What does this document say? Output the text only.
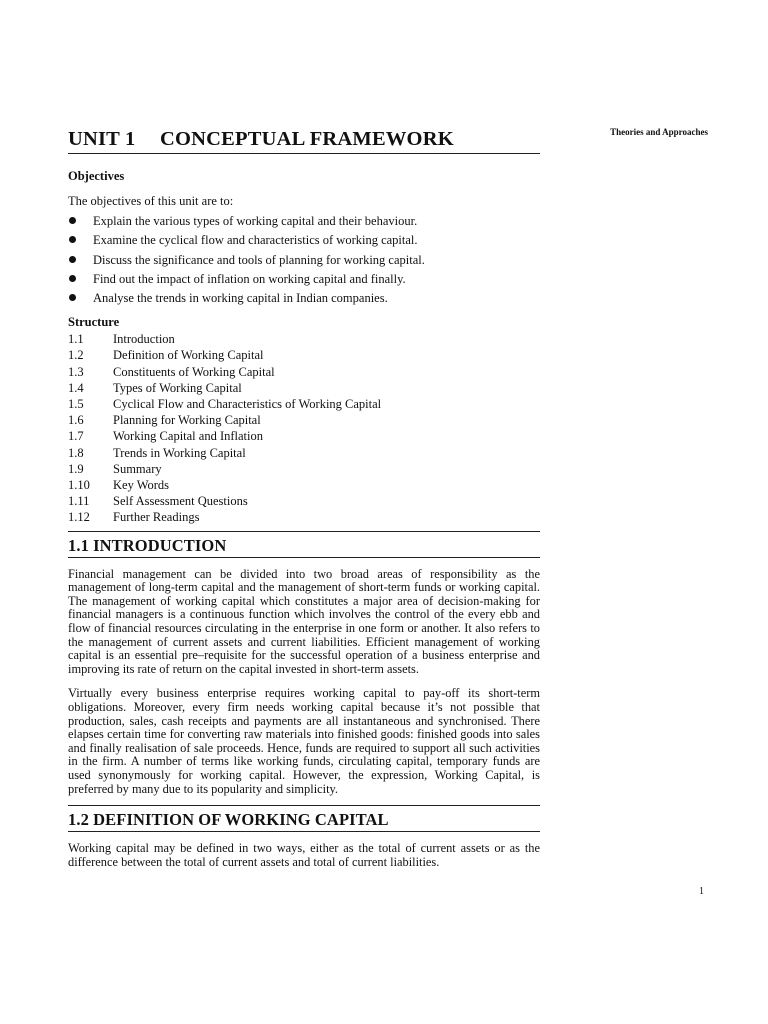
Theories and Approaches
UNIT 1 CONCEPTUAL FRAMEWORK
Objectives

The objectives of this unit are to:

Explain the various types of working capital and their behaviour.
Examine the cyclical flow and characteristics of working capital.
Discuss the significance and tools of planning for working capital.
Find out the impact of inflation on working capital and finally.
Analyse the trends in working capital in Indian companies.
Structure
1.1 Introduction
1.2 Definition of Working Capital
1.3 Constituents of Working Capital
1.4 Types of Working Capital
1.5 Cyclical Flow and Characteristics of Working Capital
1.6 Planning for Working Capital
1.7 Working Capital and Inflation
1.8 Trends in Working Capital
1.9 Summary
1.10 Key Words
1.11 Self Assessment Questions
1.12 Further Readings
1.1 INTRODUCTION

Financial management can be divided into two broad areas of responsibility as the management of long-term capital and the management of short-term funds or working capital. The management of working capital which constitutes a major area of decision-making for financial managers is a continuous function which involves the control of the every ebb and flow of financial resources circulating in the enterprise in one form or another. It also refers to the management of current assets and current liabilities. Efficient management of working capital is an essential pre–requisite for the successful operation of a business enterprise and improving its rate of return on the capital invested in short-term assets.

Virtually every business enterprise requires working capital to pay-off its short-term obligations. Moreover, every firm needs working capital because it’s not possible that production, sales, cash receipts and payments are all instantaneous and synchronised. There elapses certain time for converting raw materials into finished goods: finished goods into sales and finally realisation of sale proceeds. Hence, funds are required to support all such activities in the firm. A number of terms like working funds, circulating capital, temporary funds are used synonymously for working capital. However, the expression, Working Capital, is preferred by many due to its popularity and simplicity.

1.2 DEFINITION OF WORKING CAPITAL

Working capital may be defined in two ways, either as the total of current assets or as the difference between the total of current assets and total of current liabilities.

1
